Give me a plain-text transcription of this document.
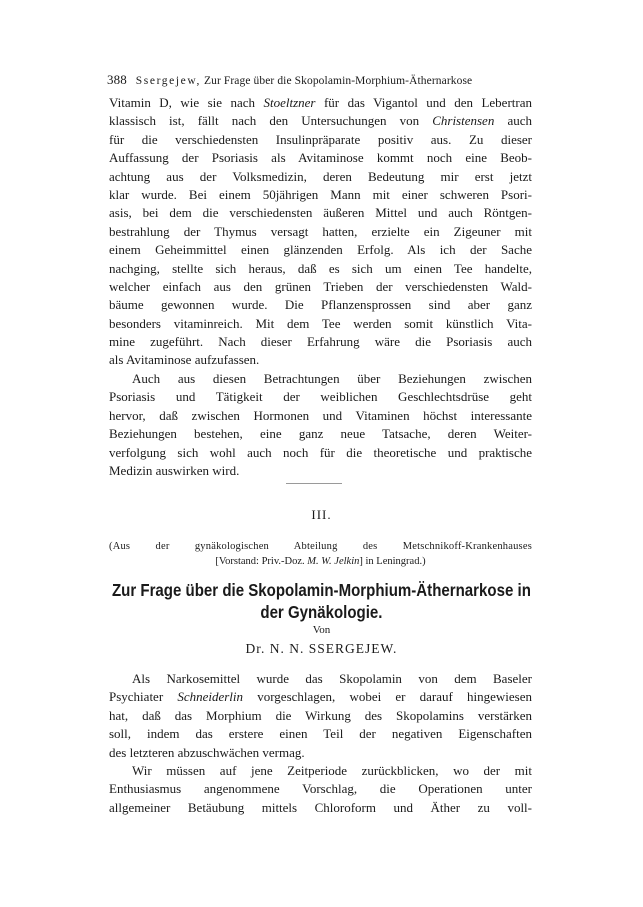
388 Ssergejew, Zur Frage über die Skopolamin-Morphium-Äthernarkose
Vitamin D, wie sie nach Stoeltzner für das Vigantol und den Lebertran
klassisch ist, fällt nach den Untersuchungen von Christensen auch
für die verschiedensten Insulinpräparate positiv aus. Zu dieser
Auffassung der Psoriasis als Avitaminose kommt noch eine Beob-
achtung aus der Volksmedizin, deren Bedeutung mir erst jetzt
klar wurde. Bei einem 50jährigen Mann mit einer schweren Psori-
asis, bei dem die verschiedensten äußeren Mittel und auch Röntgen-
bestrahlung der Thymus versagt hatten, erzielte ein Zigeuner mit
einem Geheimmittel einen glänzenden Erfolg. Als ich der Sache
nachging, stellte sich heraus, daß es sich um einen Tee handelte,
welcher einfach aus den grünen Trieben der verschiedensten Wald-
bäume gewonnen wurde. Die Pflanzensprossen sind aber ganz
besonders vitaminreich. Mit dem Tee werden somit künstlich Vita-
mine zugeführt. Nach dieser Erfahrung wäre die Psoriasis auch
als Avitaminose aufzufassen.
Auch aus diesen Betrachtungen über Beziehungen zwischen
Psoriasis und Tätigkeit der weiblichen Geschlechtsdrüse geht
hervor, daß zwischen Hormonen und Vitaminen höchst interessante
Beziehungen bestehen, eine ganz neue Tatsache, deren Weiter-
verfolgung sich wohl auch noch für die theoretische und praktische
Medizin auswirken wird.
III.
(Aus der gynäkologischen Abteilung des Metschnikoff-Krankenhauses
[Vorstand: Priv.-Doz. M. W. Jelkin] in Leningrad.)
Zur Frage über die Skopolamin-Morphium-Äthernarkose in
der Gynäkologie.
Von
Dr. N. N. SSERGEJEW.
Als Narkosemittel wurde das Skopolamin von dem Baseler
Psychiater Schneiderlin vorgeschlagen, wobei er darauf hingewiesen
hat, daß das Morphium die Wirkung des Skopolamins verstärken
soll, indem das erstere einen Teil der negativen Eigenschaften
des letzteren abzuschwächen vermag.
Wir müssen auf jene Zeitperiode zurückblicken, wo der mit
Enthusiasmus angenommene Vorschlag, die Operationen unter
allgemeiner Betäubung mittels Chloroform und Äther zu voll-
